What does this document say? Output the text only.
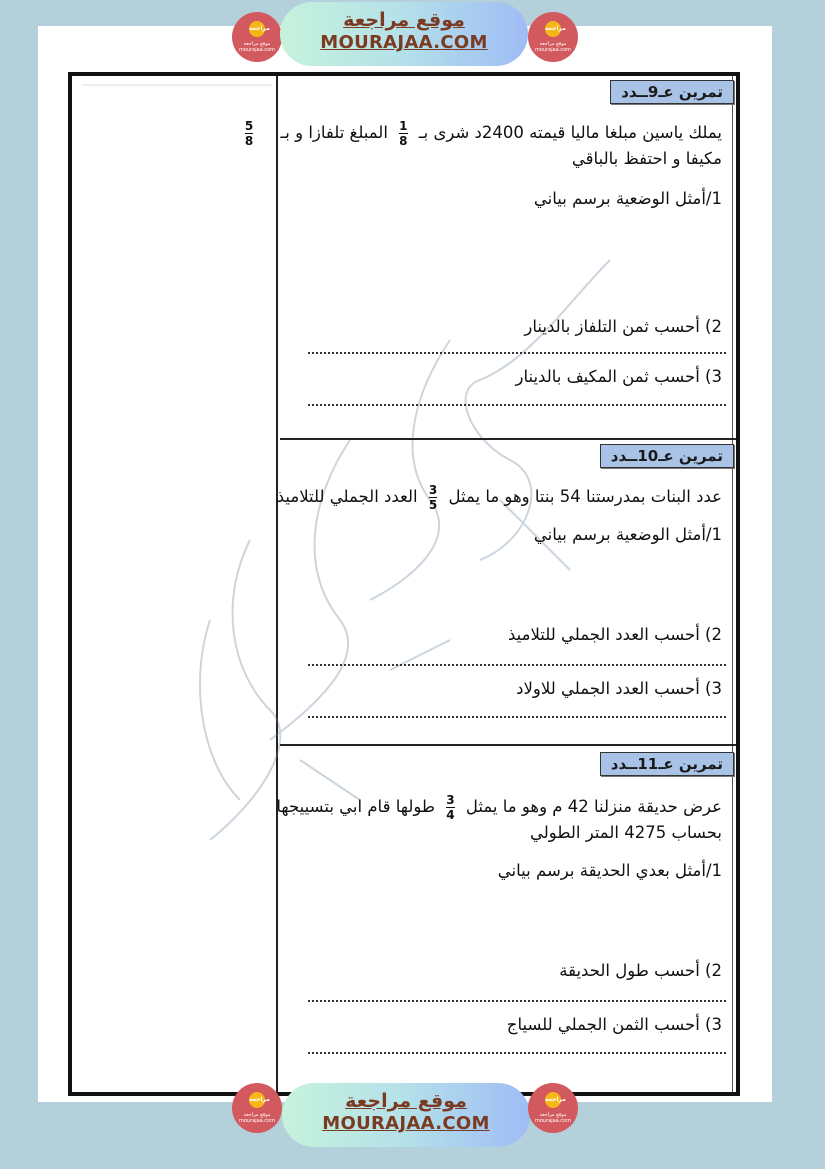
مراجعة
موقع مراجعة
mourajaa.com
موقع مراجعة
MOURAJAA.COM
مراجعة
موقع مراجعة
mourajaa.com
تمرين عـ9ــدد
يملك ياسين مبلغا ماليا قيمته 2400د شرى بـ
$\frac{1}{8}$
المبلغ تلفازا و بـ
$\frac{5}{8}$
مكيفا و احتفظ بالباقي
1/أمثل الوضعية برسم بياني
2) أحسب ثمن التلفاز بالدينار
3) أحسب ثمن المكيف بالدينار
تمرين عـ10ــدد
عدد البنات بمدرستنا 54 بنتا وهو ما يمثل
$\frac{3}{5}$
العدد الجملي للتلاميذ
1/أمثل الوضعية برسم بياني
2) أحسب العدد الجملي للتلاميذ
3) أحسب العدد الجملي للاولاد
تمرين عـ11ــدد
عرض حديقة منزلنا 42 م وهو ما يمثل
$\frac{3}{4}$
طولها قام ابي بتسييجها
بحساب 4275 المتر الطولي
1/أمثل بعدي الحديقة برسم بياني
2) أحسب طول الحديقة
3) أحسب الثمن الجملي للسياج
مراجعة
موقع مراجعة
mourajaa.com
موقع مراجعة
MOURAJAA.COM
مراجعة
موقع مراجعة
mourajaa.com
